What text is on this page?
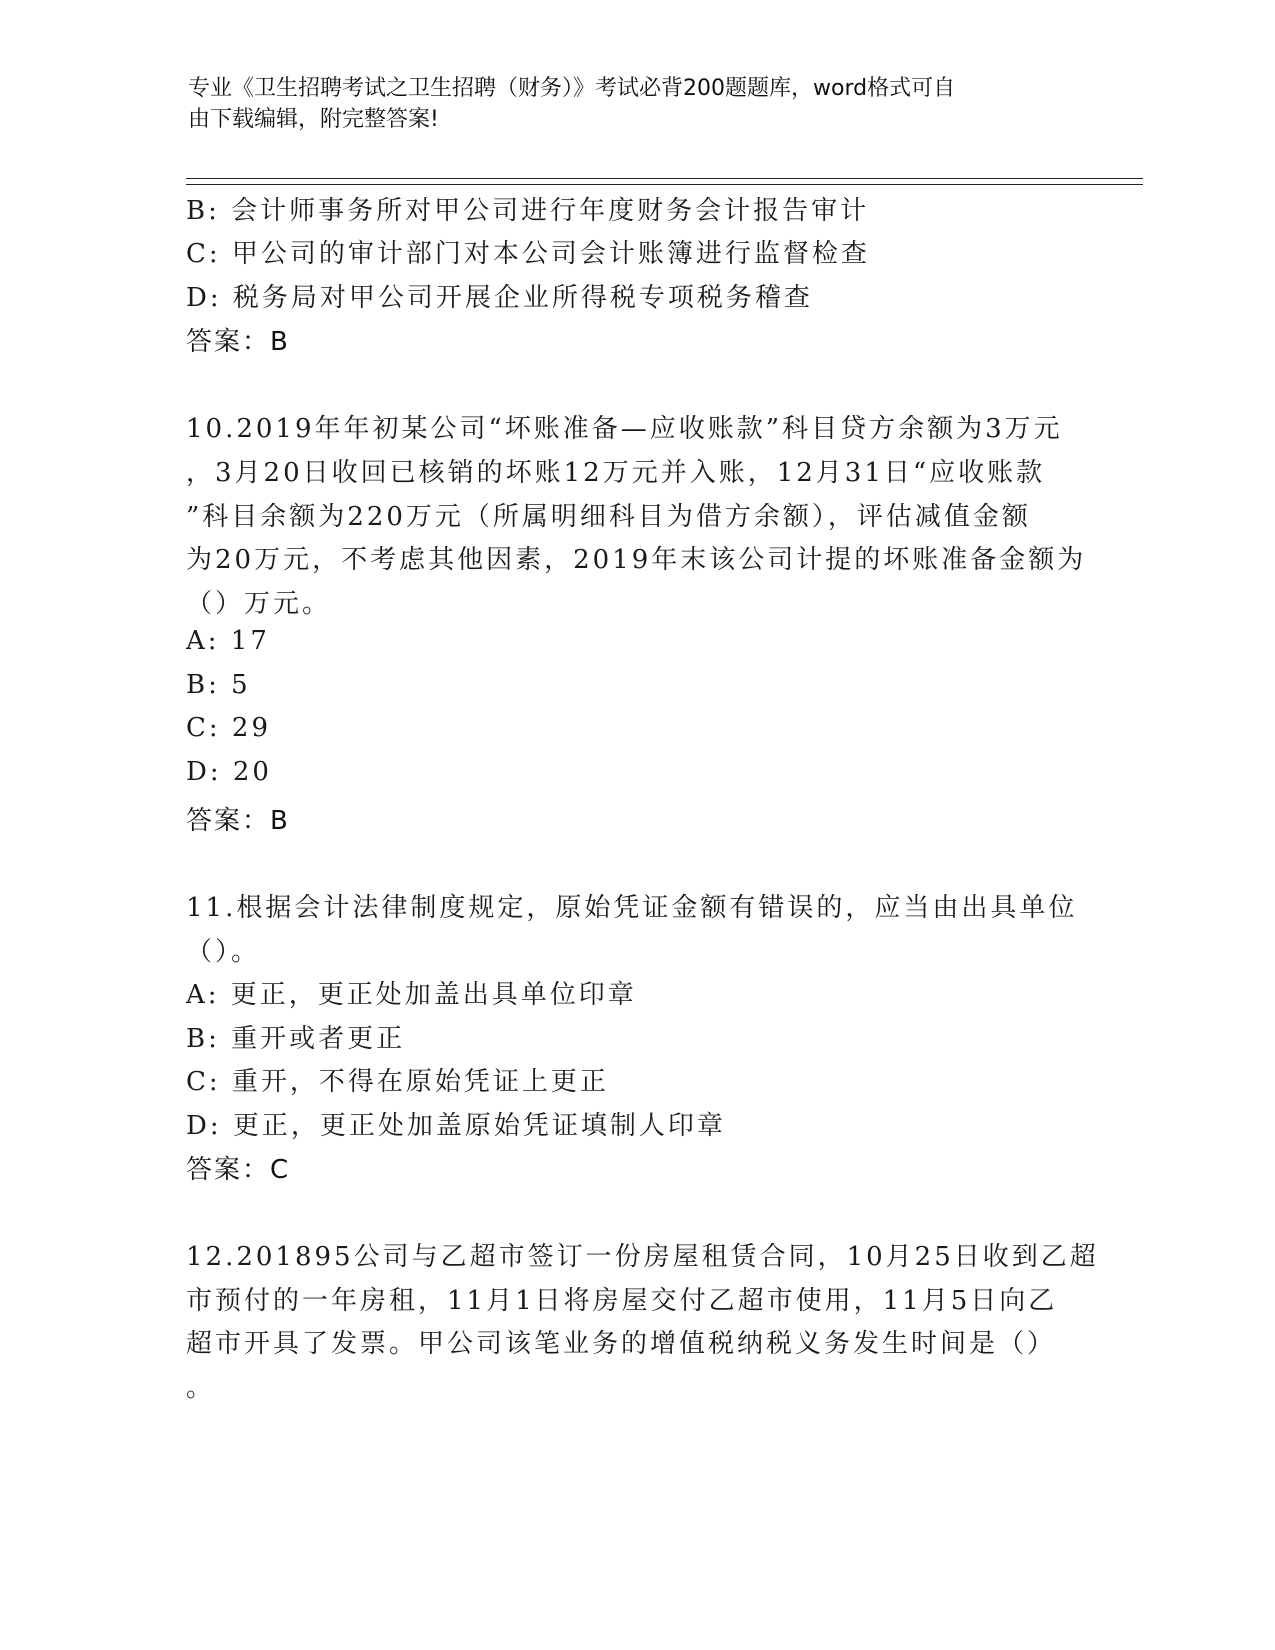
专业《卫生招聘考试之卫生招聘（财务）》考试必背200题题库，word格式可自
由下载编辑，附完整答案!
B: 会计师事务所对甲公司进行年度财务会计报告审计
C: 甲公司的审计部门对本公司会计账簿进行监督检查
D: 税务局对甲公司开展企业所得税专项税务稽查
答案：B
10.2019年年初某公司“坏账准备—应收账款”科目贷方余额为3万元
，3月20日收回已核销的坏账12万元并入账，12月31日“应收账款
”科目余额为220万元（所属明细科目为借方余额），评估减值金额
为20万元，不考虑其他因素，2019年末该公司计提的坏账准备金额为
（）万元。
A: 17
B: 5
C: 29
D: 20
答案：B
11.根据会计法律制度规定，原始凭证金额有错误的，应当由出具单位
（）。
A: 更正，更正处加盖出具单位印章
B: 重开或者更正
C: 重开，不得在原始凭证上更正
D: 更正，更正处加盖原始凭证填制人印章
答案：C
12.201895公司与乙超市签订一份房屋租赁合同，10月25日收到乙超
市预付的一年房租，11月1日将房屋交付乙超市使用，11月5日向乙
超市开具了发票。甲公司该笔业务的增值税纳税义务发生时间是（）
。
